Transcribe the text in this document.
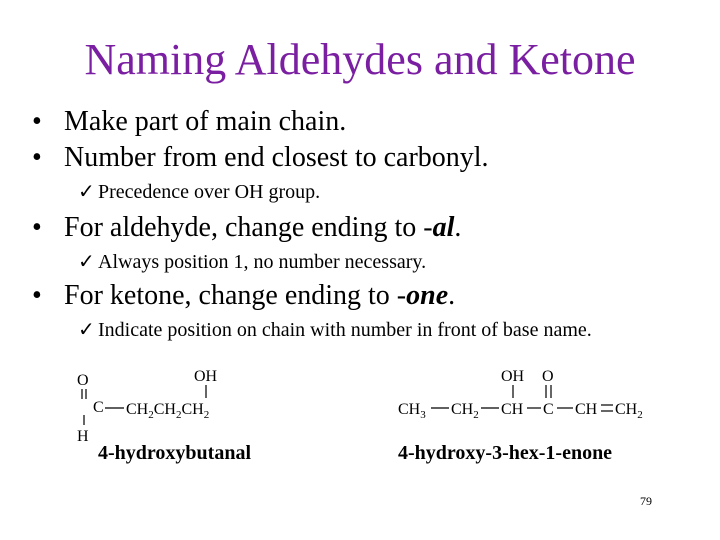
Naming Aldehydes and Ketone
• Make part of main chain.
• Number from end closest to carbonyl.
✓ Precedence over OH group.
• For aldehyde, change ending to -al.
✓ Always position 1, no number necessary.
• For ketone, change ending to -one.
✓ Indicate position on chain with number in front of base name.
O
C $CH_2CH_2CH_2$
H
OH
4-hydroxybutanal
$CH_3$ $CH_2$ CH C CH $CH_2$
OH O
4-hydroxy-3-hex-1-enone
79
